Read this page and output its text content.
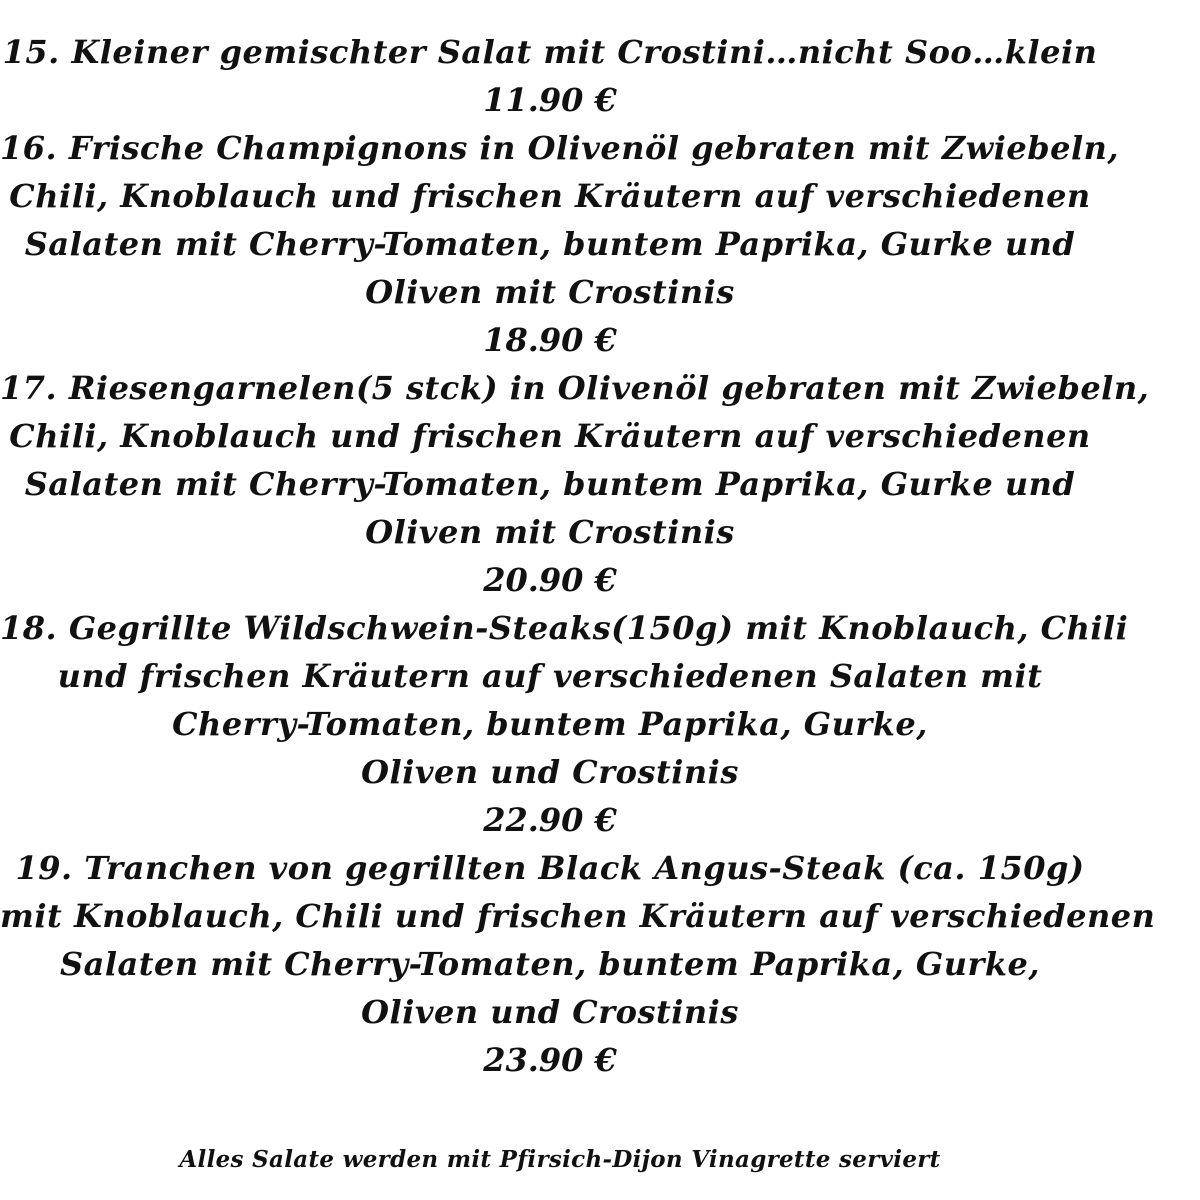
15. Kleiner gemischter Salat mit Crostini…nicht Soo…klein
11.90 €
16. Frische Champignons in Olivenöl gebraten mit Zwiebeln,
Chili, Knoblauch und frischen Kräutern auf verschiedenen
Salaten mit Cherry-Tomaten, buntem Paprika, Gurke und
Oliven mit Crostinis
18.90 €
17. Riesengarnelen(5 stck) in Olivenöl gebraten mit Zwiebeln,
Chili, Knoblauch und frischen Kräutern auf verschiedenen
Salaten mit Cherry-Tomaten, buntem Paprika, Gurke und
Oliven mit Crostinis
20.90 €
18. Gegrillte Wildschwein-Steaks(150g) mit Knoblauch, Chili
und frischen Kräutern auf verschiedenen Salaten mit
Cherry-Tomaten, buntem Paprika, Gurke,
Oliven und Crostinis
22.90 €
19. Tranchen von gegrillten Black Angus-Steak (ca. 150g)
mit Knoblauch, Chili und frischen Kräutern auf verschiedenen
Salaten mit Cherry-Tomaten, buntem Paprika, Gurke,
Oliven und Crostinis
23.90 €
Alles Salate werden mit Pfirsich-Dijon Vinagrette serviert
